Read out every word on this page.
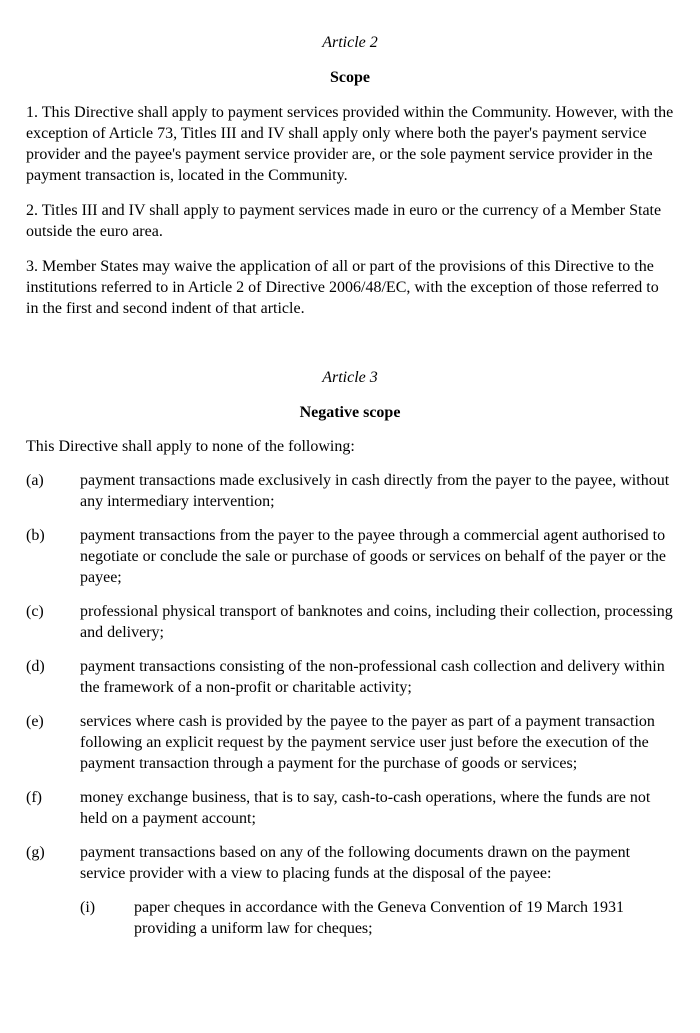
Article 2

Scope

1. This Directive shall apply to payment services provided within the Community. However, with the exception of Article 73, Titles III and IV shall apply only where both the payer's payment service provider and the payee's payment service provider are, or the sole payment service provider in the payment transaction is, located in the Community.

2. Titles III and IV shall apply to payment services made in euro or the currency of a Member State outside the euro area.

3. Member States may waive the application of all or part of the provisions of this Directive to the institutions referred to in Article 2 of Directive 2006/48/EC, with the exception of those referred to in the first and second indent of that article.

Article 3

Negative scope

This Directive shall apply to none of the following:

(a)	payment transactions made exclusively in cash directly from the payer to the payee, without any intermediary intervention;
(b)	payment transactions from the payer to the payee through a commercial agent authorised to negotiate or conclude the sale or purchase of goods or services on behalf of the payer or the payee;
(c)	professional physical transport of banknotes and coins, including their collection, processing and delivery;
(d)	payment transactions consisting of the non-professional cash collection and delivery within the framework of a non-profit or charitable activity;
(e)	services where cash is provided by the payee to the payer as part of a payment transaction following an explicit request by the payment service user just before the execution of the payment transaction through a payment for the purchase of goods or services;
(f)	money exchange business, that is to say, cash-to-cash operations, where the funds are not held on a payment account;
(g)	payment transactions based on any of the following documents drawn on the payment service provider with a view to placing funds at the disposal of the payee:
(i)	paper cheques in accordance with the Geneva Convention of 19 March 1931 providing a uniform law for cheques;
